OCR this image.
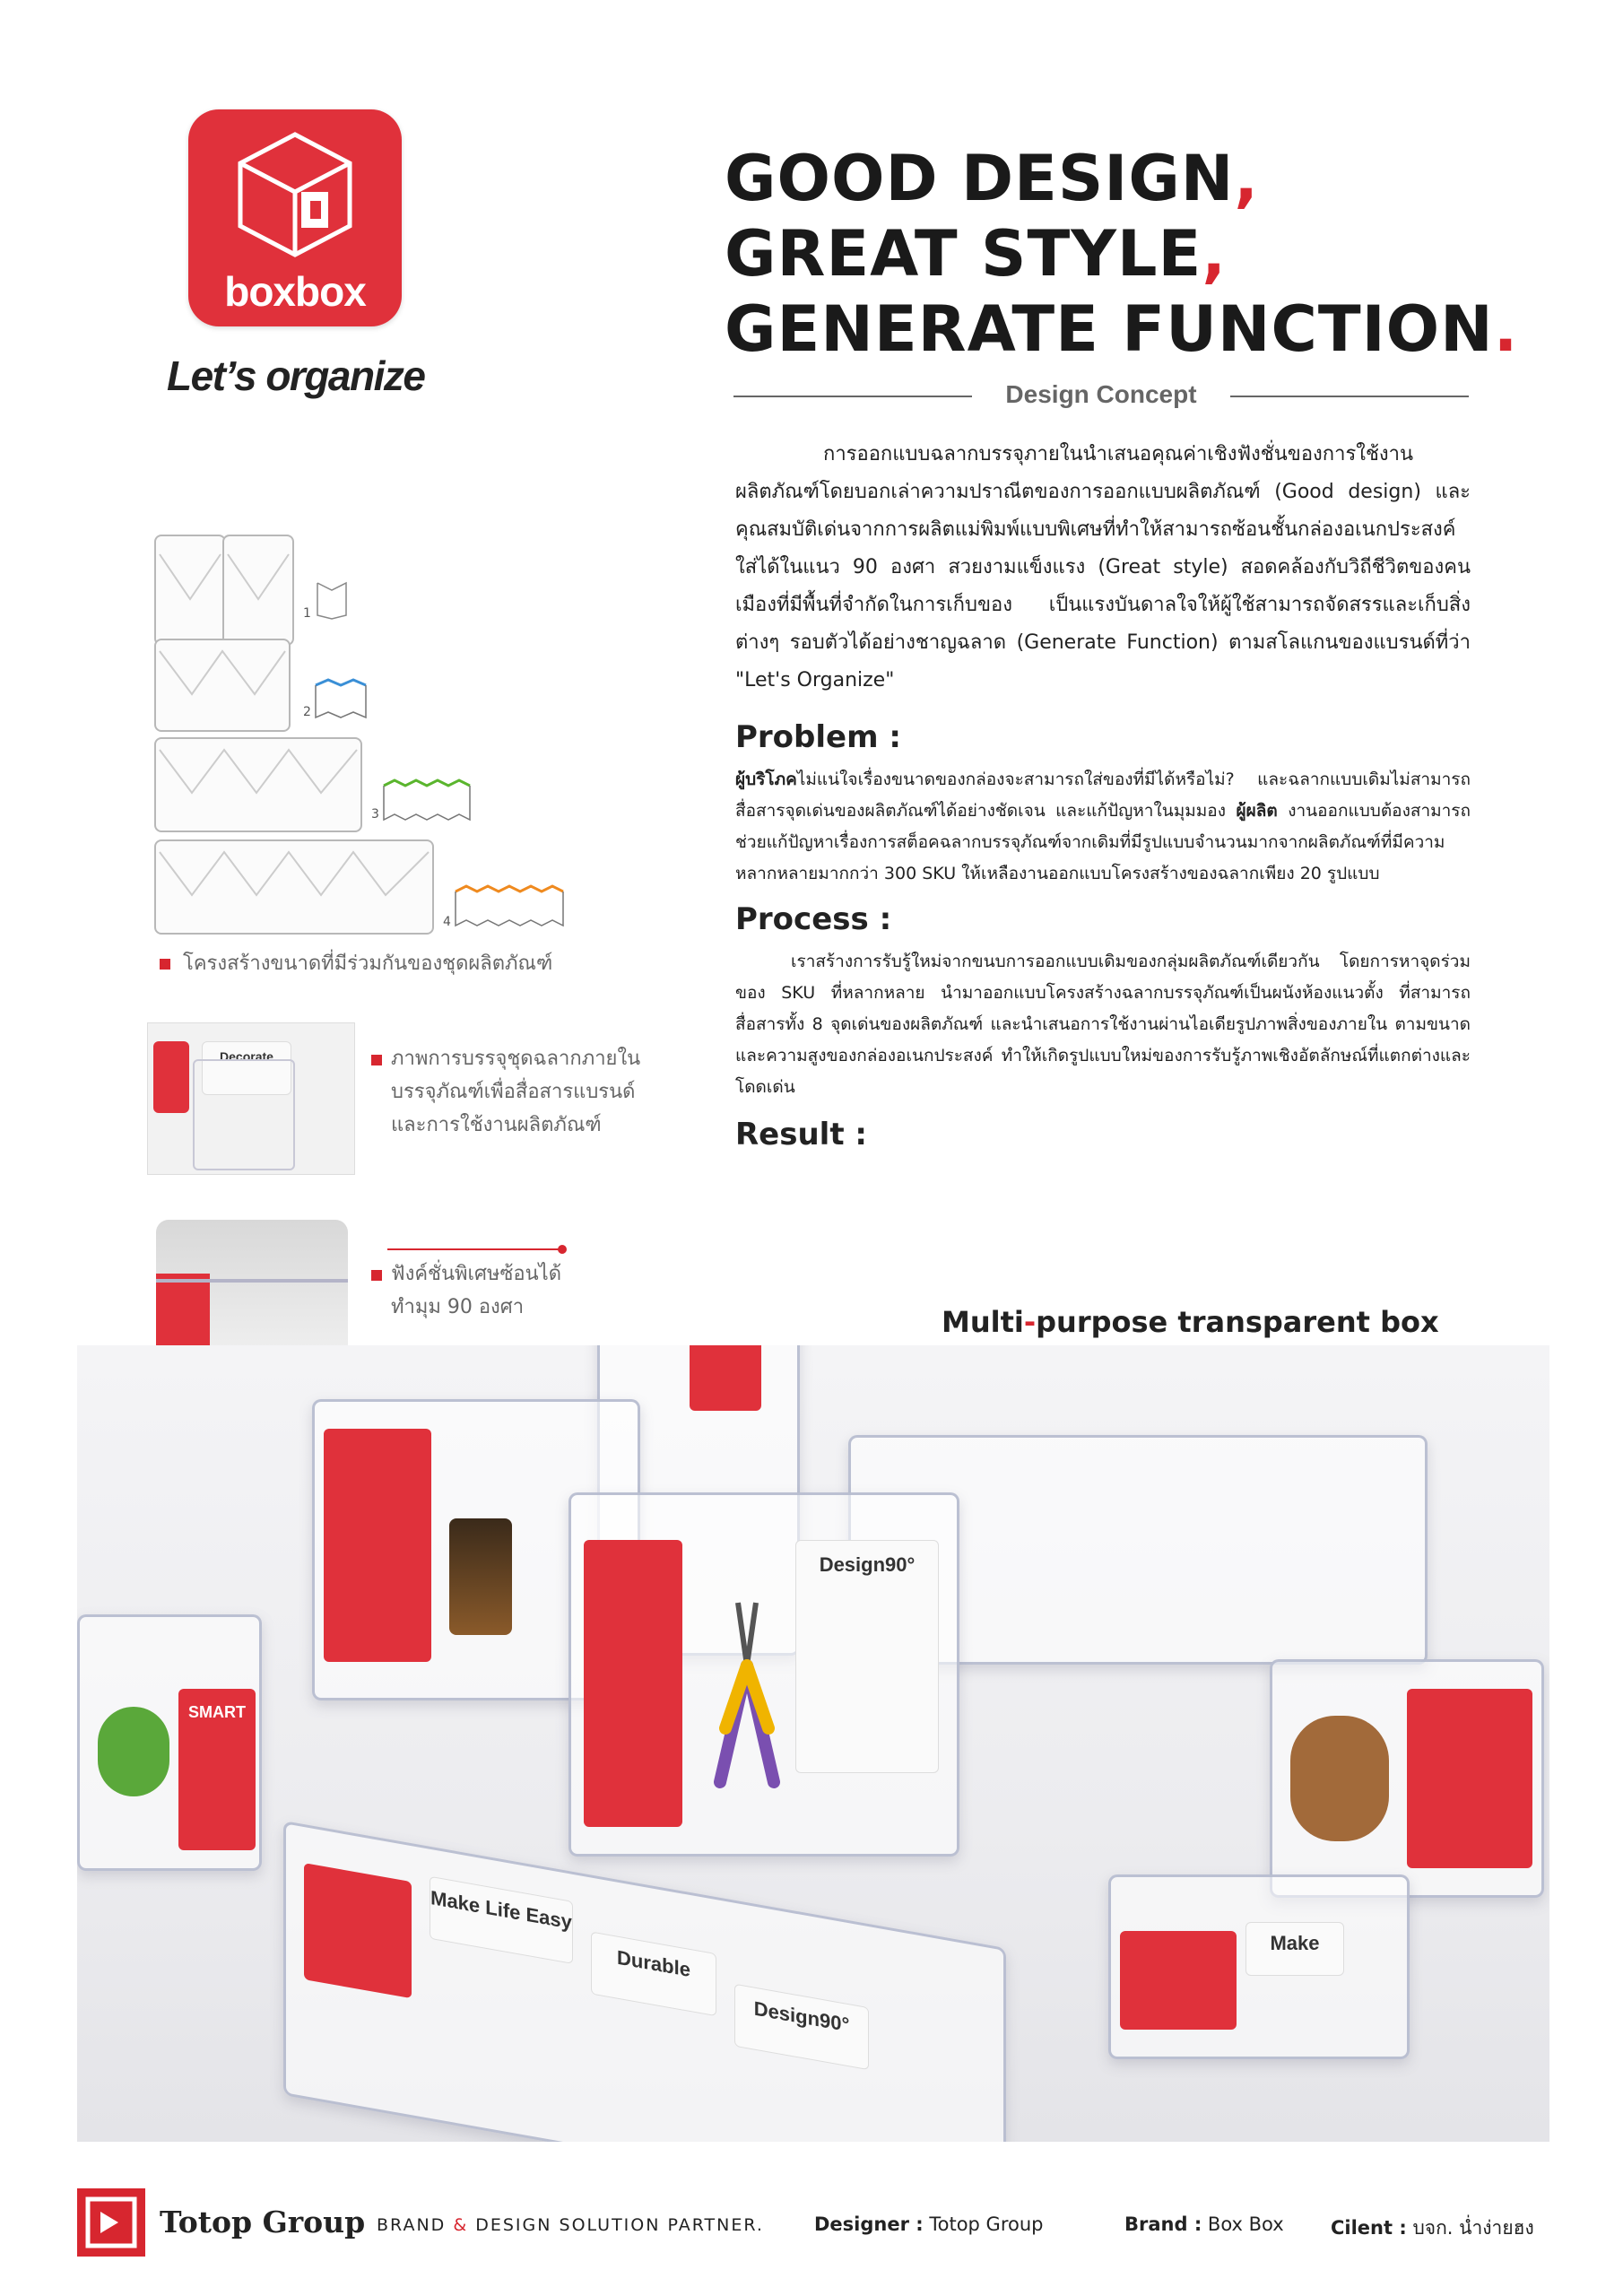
boxbox
Let’s organize
GOOD DESIGN,
GREAT STYLE,
GENERATE FUNCTION.
Design Concept
การออกแบบฉลากบรรจุภายในนำเสนอคุณค่าเชิงฟังชั่นของการใช้งานผลิตภัณฑ์โดยบอกเล่าความปราณีตของการออกแบบผลิตภัณฑ์ (Good design) และคุณสมบัติเด่นจากการผลิตแม่พิมพ์แบบพิเศษที่ทำให้สามารถซ้อนชั้นกล่องอเนกประสงค์ใส่ได้ในแนว 90 องศา สวยงามแข็งแรง (Great style) สอดคล้องกับวิถีชีวิตของคนเมืองที่มีพื้นที่จำกัดในการเก็บของ เป็นแรงบันดาลใจให้ผู้ใช้สามารถจัดสรรและเก็บสิ่งต่างๆ รอบตัวได้อย่างชาญฉลาด (Generate Function) ตามสโลแกนของแบรนด์ที่ว่า "Let's Organize"
Problem :
ผู้บริโภคไม่แน่ใจเรื่องขนาดของกล่องจะสามารถใส่ของที่มีได้หรือไม่? และฉลากแบบเดิมไม่สามารถสื่อสารจุดเด่นของผลิตภัณฑ์ได้อย่างชัดเจน และแก้ปัญหาในมุมมอง ผู้ผลิต งานออกแบบต้องสามารถช่วยแก้ปัญหาเรื่องการสต็อคฉลากบรรจุภัณฑ์จากเดิมที่มีรูปแบบจำนวนมากจากผลิตภัณฑ์ที่มีความหลากหลายมากกว่า 300 SKU ให้เหลืองานออกแบบโครงสร้างของฉลากเพียง 20 รูปแบบ
Process :
เราสร้างการรับรู้ใหม่จากขนบการออกแบบเดิมของกลุ่มผลิตภัณฑ์เดียวกัน โดยการหาจุดร่วมของ SKU ที่หลากหลาย นำมาออกแบบโครงสร้างฉลากบรรจุภัณฑ์เป็นผนังห้องแนวตั้ง ที่สามารถสื่อสารทั้ง 8 จุดเด่นของผลิตภัณฑ์ และนำเสนอการใช้งานผ่านไอเดียรูปภาพสิ่งของภายใน ตามขนาดและความสูงของกล่องอเนกประสงค์ ทำให้เกิดรูปแบบใหม่ของการรับรู้ภาพเชิงอัตลักษณ์ที่แตกต่างและโดดเด่น
Result :
1
2
3
4
โครงสร้างขนาดที่มีร่วมกันของชุดผลิตภัณฑ์
Decorate	ภาพการบรรจุชุดฉลากภายใน
บรรจุภัณฑ์เพื่อสื่อสารแบรนด์
และการใช้งานผลิตภัณฑ์
ฟังค์ชั่นพิเศษซ้อนได้
ทำมุม 90 องศา
Design90°
SMART
Make Life Easy
Durable
Design90°
Make
Multi-purpose transparent box
Totop Group BRAND & DESIGN SOLUTION PARTNER.	Designer : Totop Group	Brand : Box Box Cilent : บจก. น่ำง่ายฮง
